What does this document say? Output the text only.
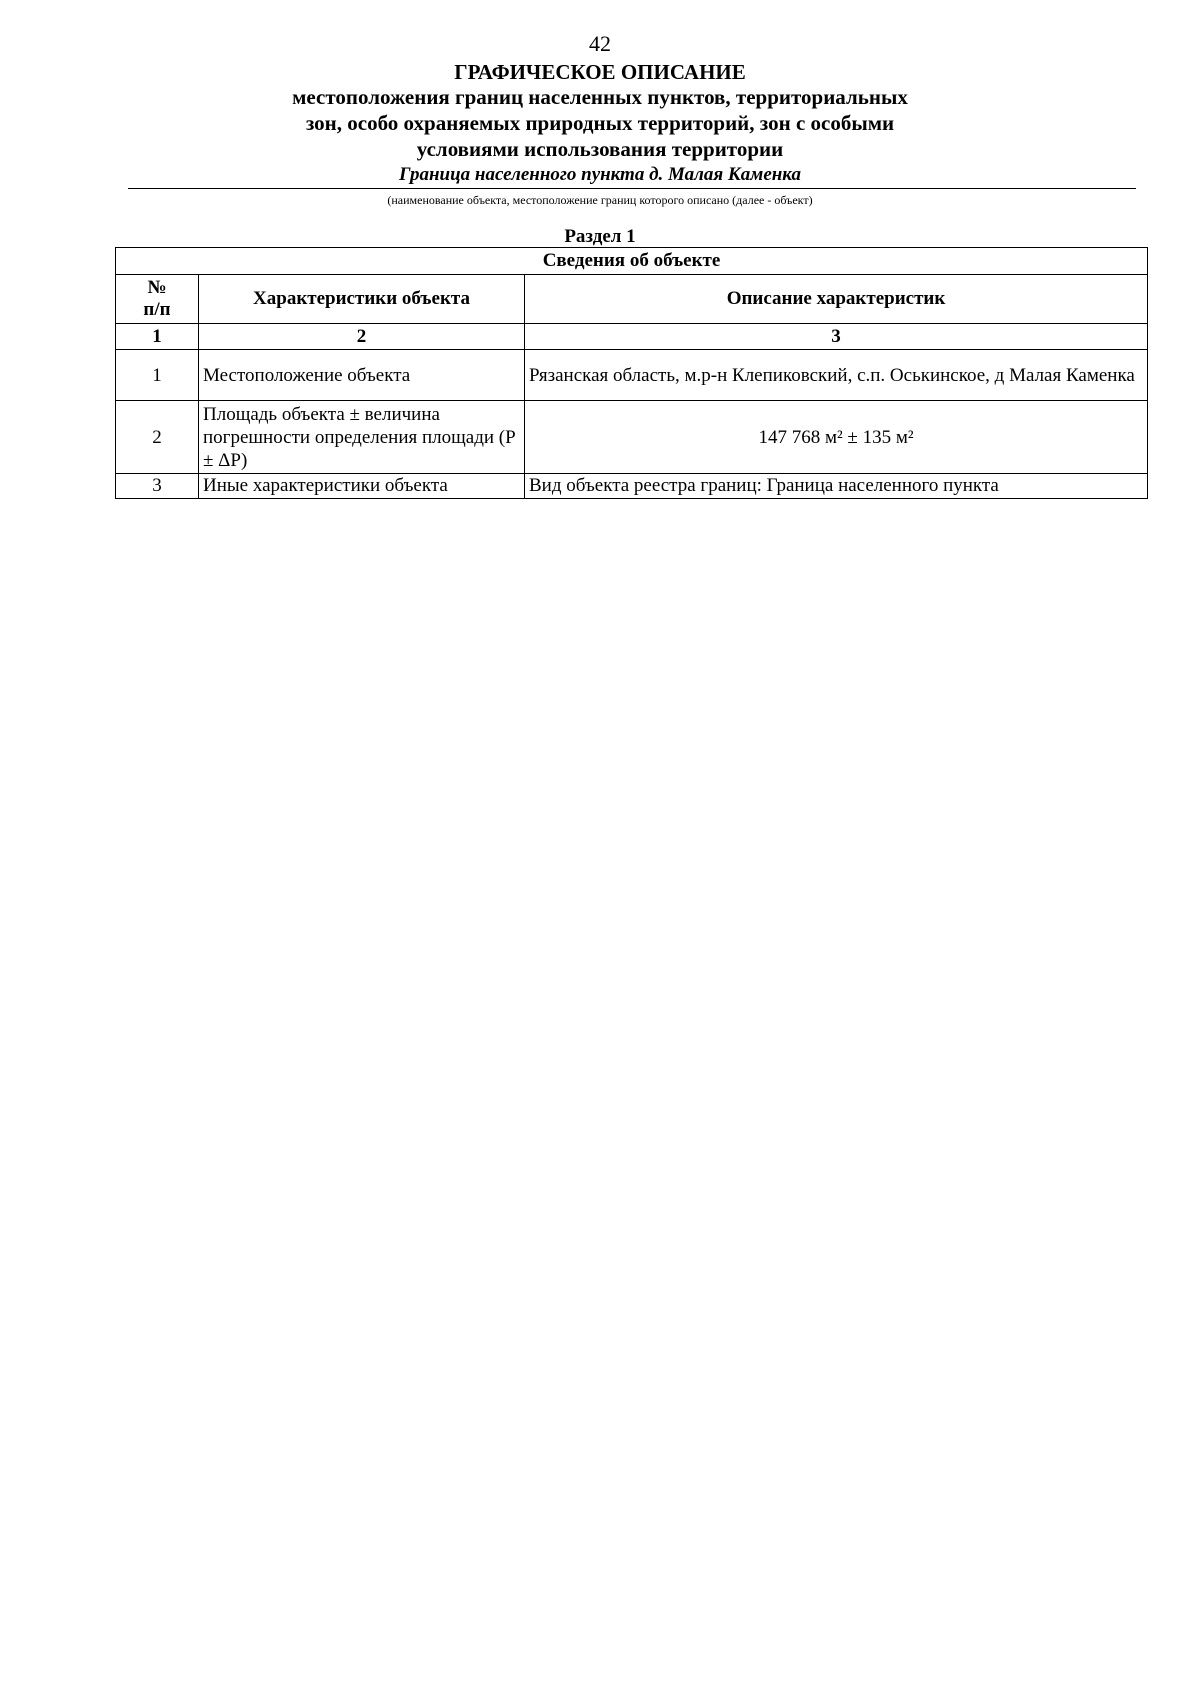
42
ГРАФИЧЕСКОЕ ОПИСАНИЕ
местоположения границ населенных пунктов, территориальных
зон, особо охраняемых природных территорий, зон с особыми
условиями использования территории
Граница населенного пункта д. Малая Каменка
(наименование объекта, местоположение границ которого описано (далее - объект)
Раздел 1
Сведения об объекте		

№
п/п	Характеристики объекта	Описание характеристик
1	2	3
1	Местоположение объекта	Рязанская область, м.р-н Клепиковский, с.п. Оськинское, д Малая Каменка
2	Площадь объекта ± величина погрешности определения площади (P ± ΔP)	147 768 м² ± 135 м²
3	Иные характеристики объекта	Вид объекта реестра границ: Граница населенного пункта
